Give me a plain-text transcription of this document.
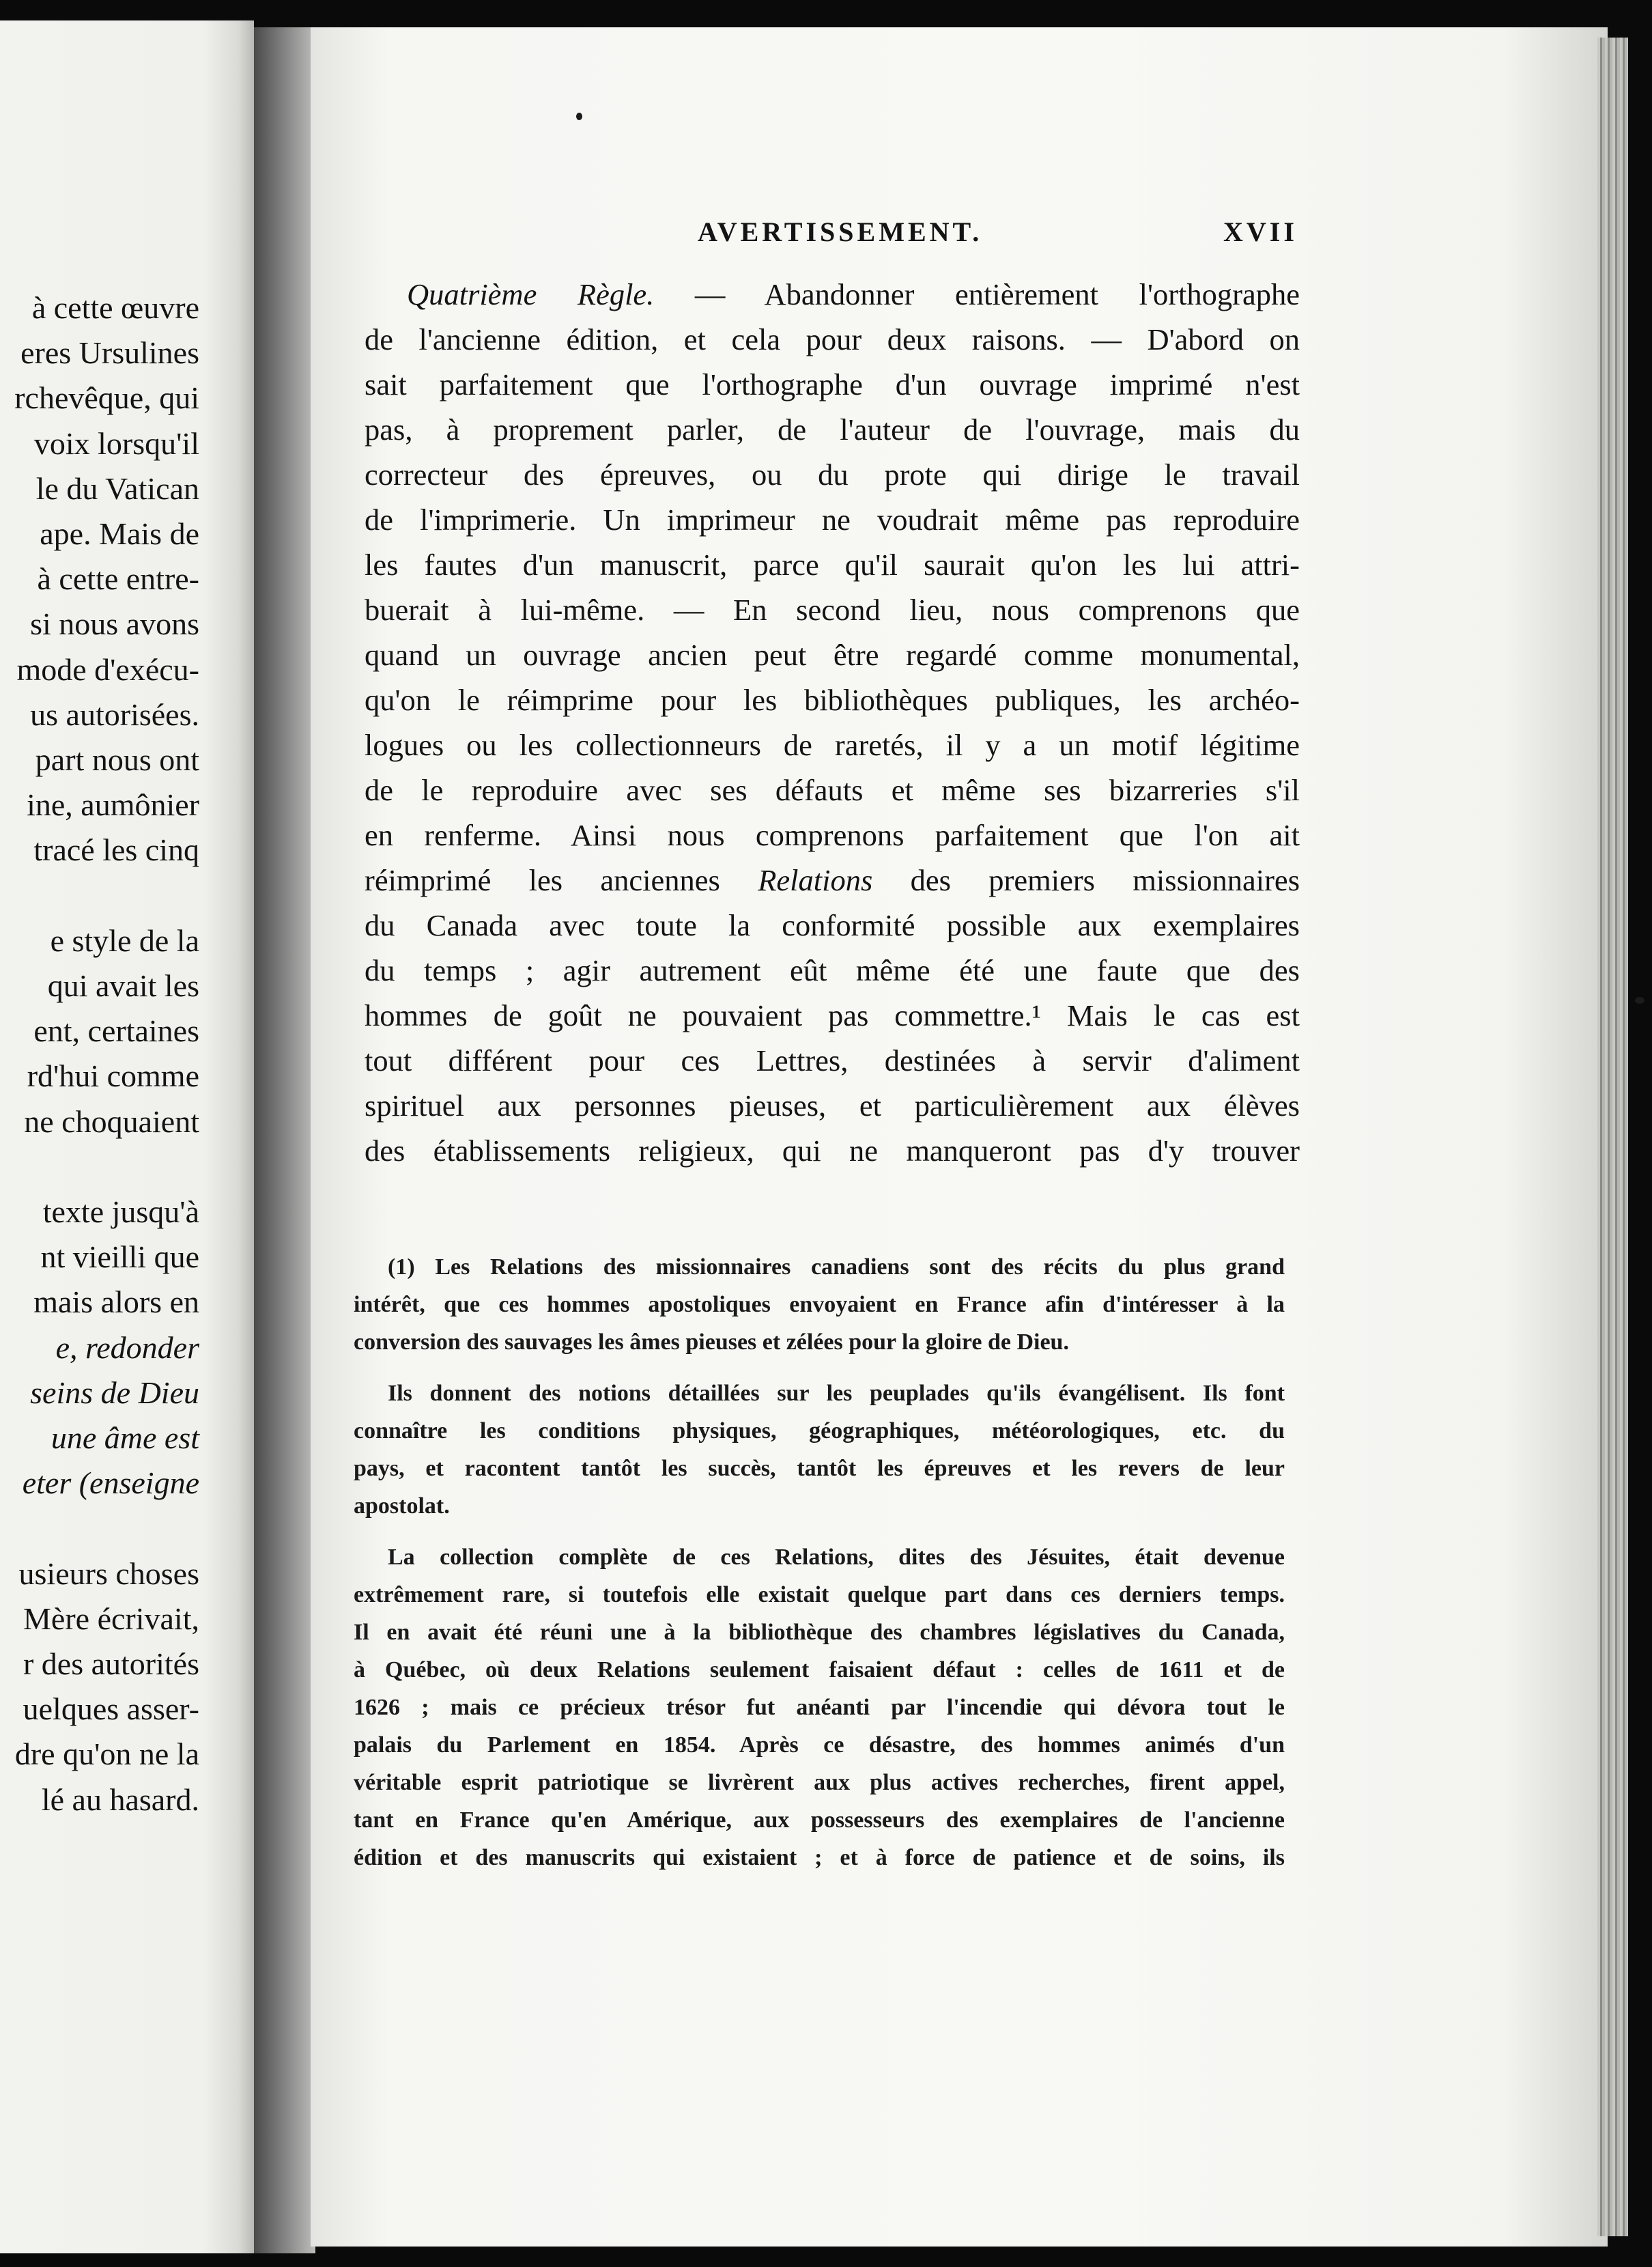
à cette œuvre
eres Ursulines
rchevêque, qui
voix lorsqu'il
le du Vatican
ape. Mais de
à cette entre-
si nous avons
mode d'exécu-
us autorisées.
part nous ont
ine, aumônier
tracé les cinq
e style de la
qui avait les
ent, certaines
rd'hui comme
ne choquaient
texte jusqu'à
nt vieilli que
mais alors en
e, redonder
seins de Dieu
une âme est
eter (enseigne
usieurs choses
Mère écrivait,
r des autorités
uelques asser-
dre qu'on ne la
lé au hasard.
AVERTISSEMENT.	XVII
Quatrième Règle. — Abandonner entièrement l'orthographe
de l'ancienne édition, et cela pour deux raisons. — D'abord on
sait parfaitement que l'orthographe d'un ouvrage imprimé n'est
pas, à proprement parler, de l'auteur de l'ouvrage, mais du
correcteur des épreuves, ou du prote qui dirige le travail
de l'imprimerie. Un imprimeur ne voudrait même pas reproduire
les fautes d'un manuscrit, parce qu'il saurait qu'on les lui attri-
buerait à lui-même. — En second lieu, nous comprenons que
quand un ouvrage ancien peut être regardé comme monumental,
qu'on le réimprime pour les bibliothèques publiques, les archéo-
logues ou les collectionneurs de raretés, il y a un motif légitime
de le reproduire avec ses défauts et même ses bizarreries s'il
en renferme. Ainsi nous comprenons parfaitement que l'on ait
réimprimé les anciennes Relations des premiers missionnaires
du Canada avec toute la conformité possible aux exemplaires
du temps ; agir autrement eût même été une faute que des
hommes de goût ne pouvaient pas commettre.¹ Mais le cas est
tout différent pour ces Lettres, destinées à servir d'aliment
spirituel aux personnes pieuses, et particulièrement aux élèves
des établissements religieux, qui ne manqueront pas d'y trouver
(1) Les Relations des missionnaires canadiens sont des récits du plus grand
intérêt, que ces hommes apostoliques envoyaient en France afin d'intéresser à la
conversion des sauvages les âmes pieuses et zélées pour la gloire de Dieu.
Ils donnent des notions détaillées sur les peuplades qu'ils évangélisent. Ils font
connaître les conditions physiques, géographiques, météorologiques, etc. du
pays, et racontent tantôt les succès, tantôt les épreuves et les revers de leur
apostolat.
La collection complète de ces Relations, dites des Jésuites, était devenue
extrêmement rare, si toutefois elle existait quelque part dans ces derniers temps.
Il en avait été réuni une à la bibliothèque des chambres législatives du Canada,
à Québec, où deux Relations seulement faisaient défaut : celles de 1611 et de
1626 ; mais ce précieux trésor fut anéanti par l'incendie qui dévora tout le
palais du Parlement en 1854. Après ce désastre, des hommes animés d'un
véritable esprit patriotique se livrèrent aux plus actives recherches, firent appel,
tant en France qu'en Amérique, aux possesseurs des exemplaires de l'ancienne
édition et des manuscrits qui existaient ; et à force de patience et de soins, ils
